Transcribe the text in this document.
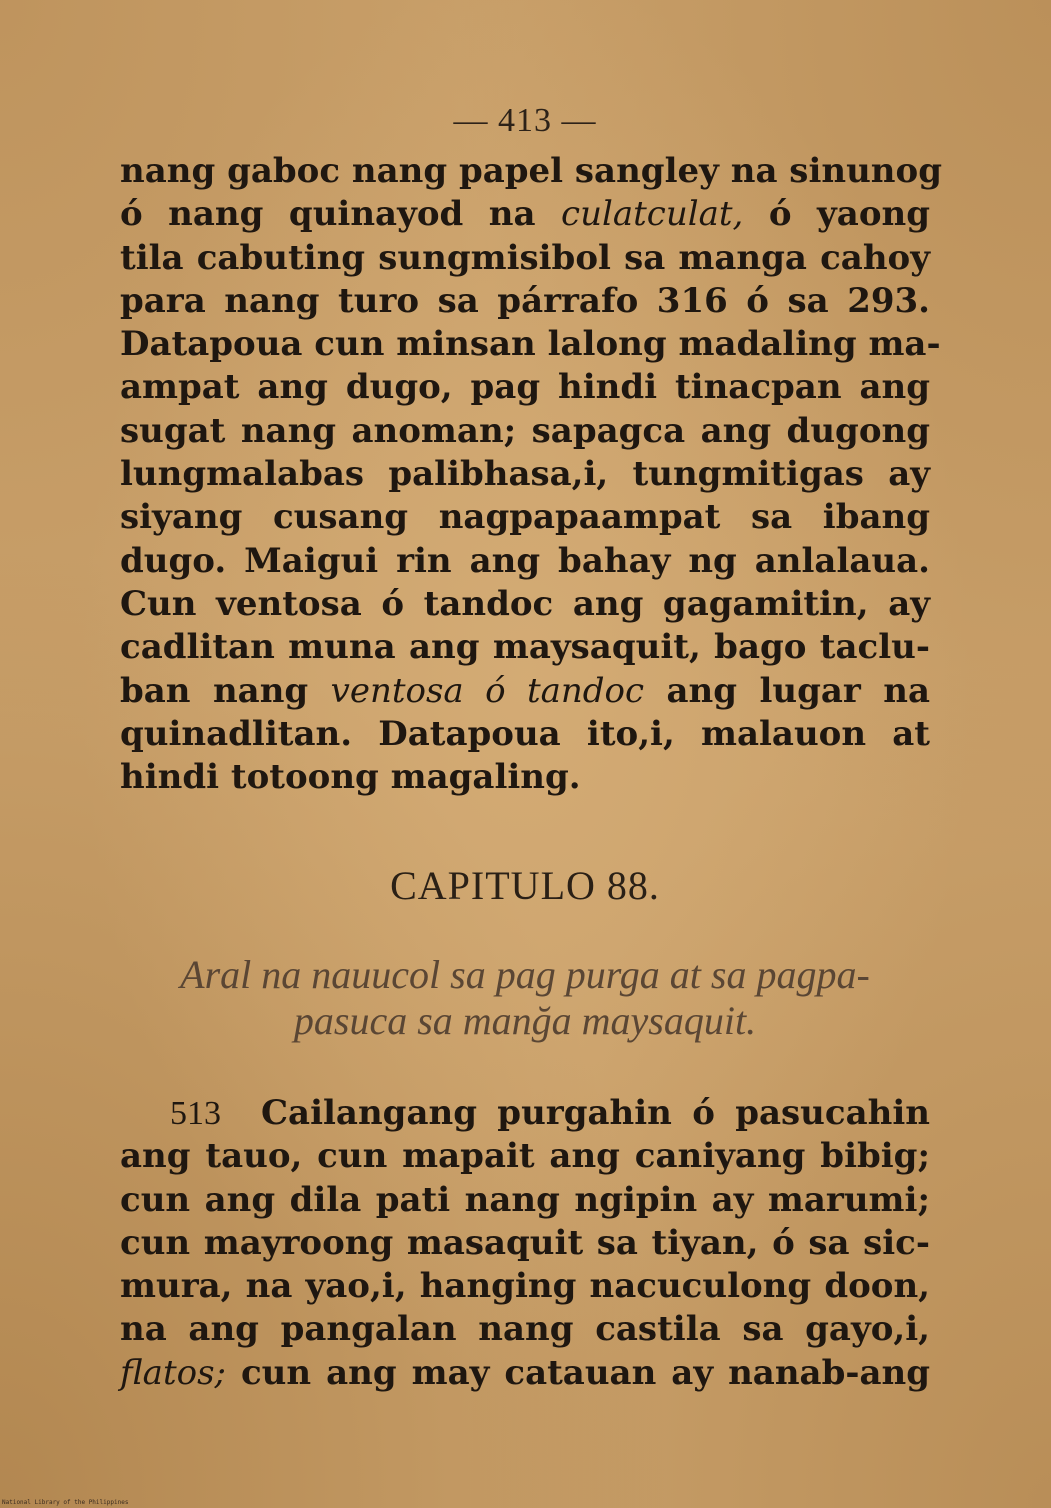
— 413 —
nang gaboc nang papel sangley na sinunog
ó nang quinayod na culatculat, ó yaong
tila cabuting sungmisibol sa manga cahoy
para nang turo sa párrafo 316 ó sa 293.
Datapoua cun minsan lalong madaling ma-
ampat ang dugo, pag hindi tinacpan ang
sugat nang anoman; sapagca ang dugong
lungmalabas palibhasa,i, tungmitigas ay
siyang cusang nagpapaampat sa ibang
dugo. Maigui rin ang bahay ng anlalaua.
Cun ventosa ó tandoc ang gagamitin, ay
cadlitan muna ang maysaquit, bago taclu-
ban nang ventosa ó tandoc ang lugar na
quinadlitan. Datapoua ito,i, malauon at
hindi totoong magaling.
CAPITULO 88.
Aral na nauucol sa pag purga at sa pagpa-
pasuca sa manğa maysaquit.
513 Cailangang purgahin ó pasucahin
ang tauo, cun mapait ang caniyang bibig;
cun ang dila pati nang ngipin ay marumi;
cun mayroong masaquit sa tiyan, ó sa sic-
mura, na yao,i, hanging nacuculong doon,
na ang pangalan nang castila sa gayo,i,
flatos; cun ang may catauan ay nanab-ang
National Library of the Philippines
